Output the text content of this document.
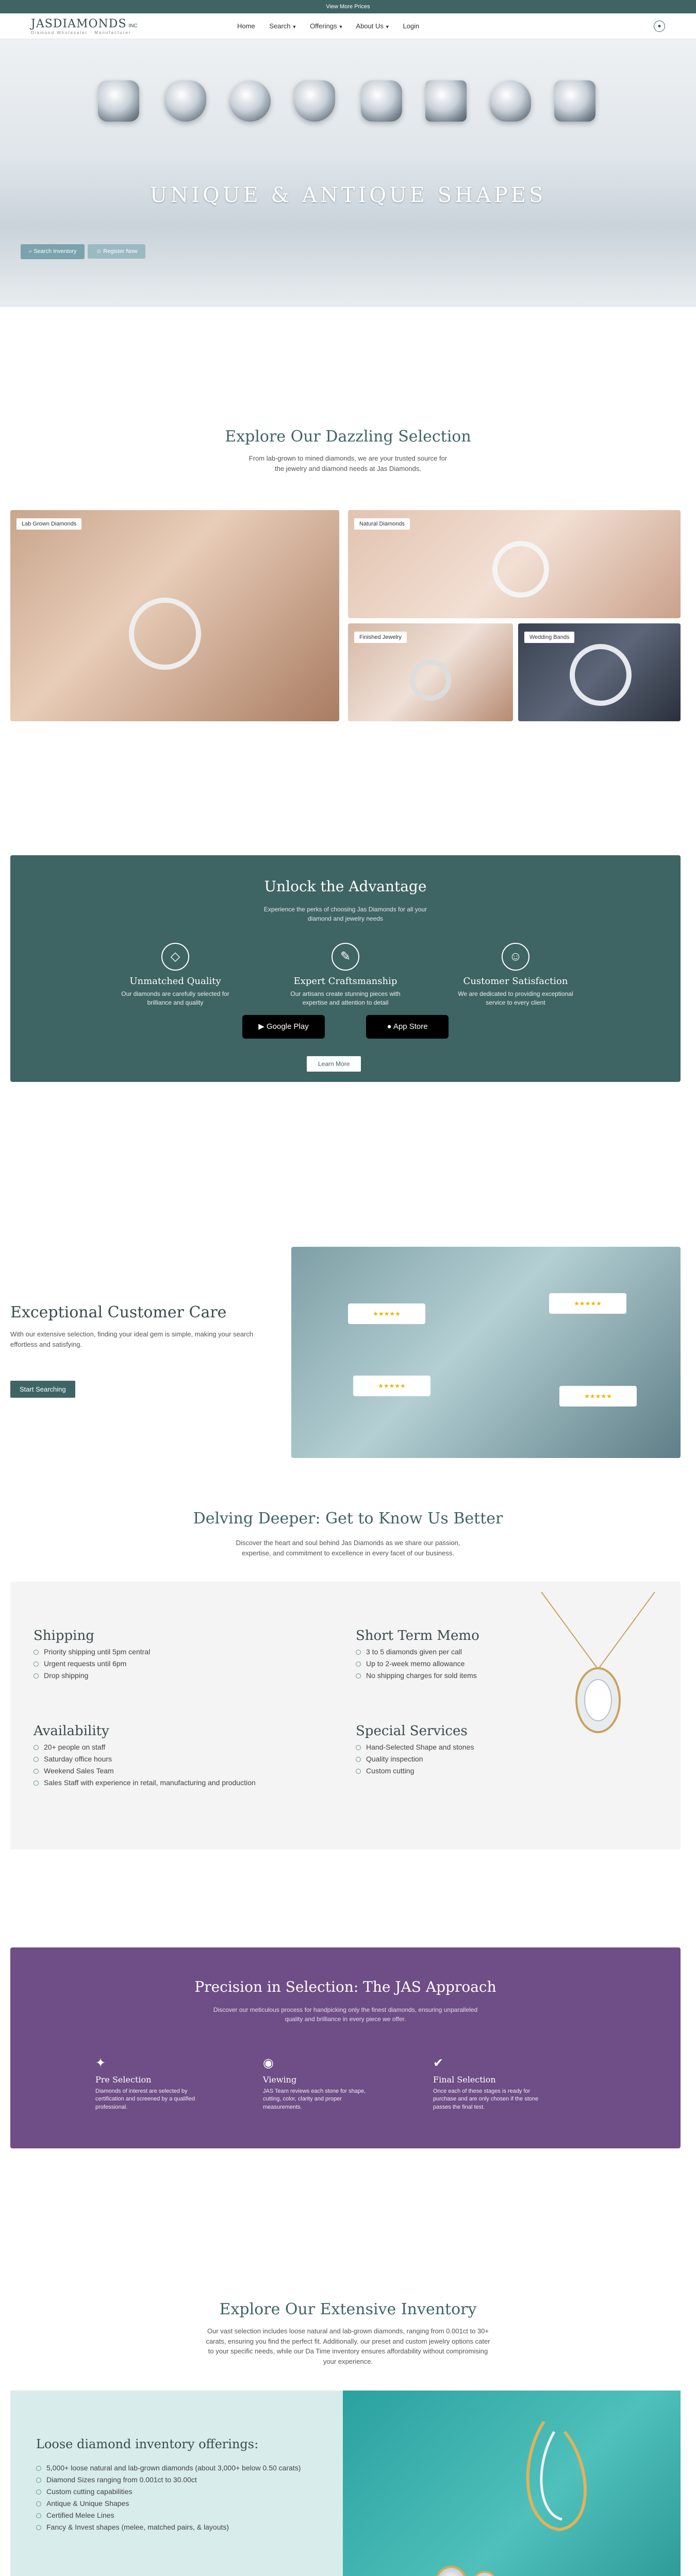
View More Prices
JASDIAMONDS INC
Diamond Wholesaler · Manufacturer
Home Search ▼ Offerings ▼ About Us ▼ Login	●
UNIQUE & ANTIQUE SHAPES
⌕ Search Inventory	☺ Register Now
Explore Our Dazzling Selection
From lab-grown to mined diamonds, we are your trusted source for the jewelry and diamond needs at Jas Diamonds.
Lab Grown Diamonds	Natural Diamonds
Finished Jewelry	Wedding Bands
Unlock the Advantage
Experience the perks of choosing Jas Diamonds for all your diamond and jewelry needs
◇
Unmatched Quality
Our diamonds are carefully selected for brilliance and quality
✎
Expert Craftsmanship
Our artisans create stunning pieces with expertise and attention to detail
☺
Customer Satisfaction
We are dedicated to providing exceptional service to every client
▶ Google Play	● App Store
Learn More
Exceptional Customer Care
With our extensive selection, finding your ideal gem is simple, making your search effortless and satisfying.
Start Searching
★★★★★
★★★★★
★★★★★
★★★★★
Delving Deeper: Get to Know Us Better
Discover the heart and soul behind Jas Diamonds as we share our passion, expertise, and commitment to excellence in every facet of our business.
Shipping
Priority shipping until 5pm central
Urgent requests until 6pm
Drop shipping
Short Term Memo
3 to 5 diamonds given per call
Up to 2-week memo allowance
No shipping charges for sold items
Availability
20+ people on staff
Saturday office hours
Weekend Sales Team
Sales Staff with experience in retail, manufacturing and production
Special Services
Hand-Selected Shape and stones
Quality inspection
Custom cutting
Precision in Selection: The JAS Approach
Discover our meticulous process for handpicking only the finest diamonds, ensuring unparalleled quality and brilliance in every piece we offer.
✦
Pre Selection
Diamonds of interest are selected by certification and screened by a qualified professional.
◉
Viewing
JAS Team reviews each stone for shape, cutting, color, clarity and proper measurements.
✔
Final Selection
Once each of these stages is ready for purchase and are only chosen if the stone passes the final test.
Explore Our Extensive Inventory
Our vast selection includes loose natural and lab-grown diamonds, ranging from 0.001ct to 30+ carats, ensuring you find the perfect fit. Additionally, our preset and custom jewelry options cater to your specific needs, while our Da Time inventory ensures affordability without compromising your experience.
Loose diamond inventory offerings:
5,000+ loose natural and lab-grown diamonds (about 3,000+ below 0.50 carats)
Diamond Sizes ranging from 0.001ct to 30.00ct
Custom cutting capabilities
Antique & Unique Shapes
Certified Melee Lines
Fancy & Invest shapes (melee, matched pairs, & layouts)
